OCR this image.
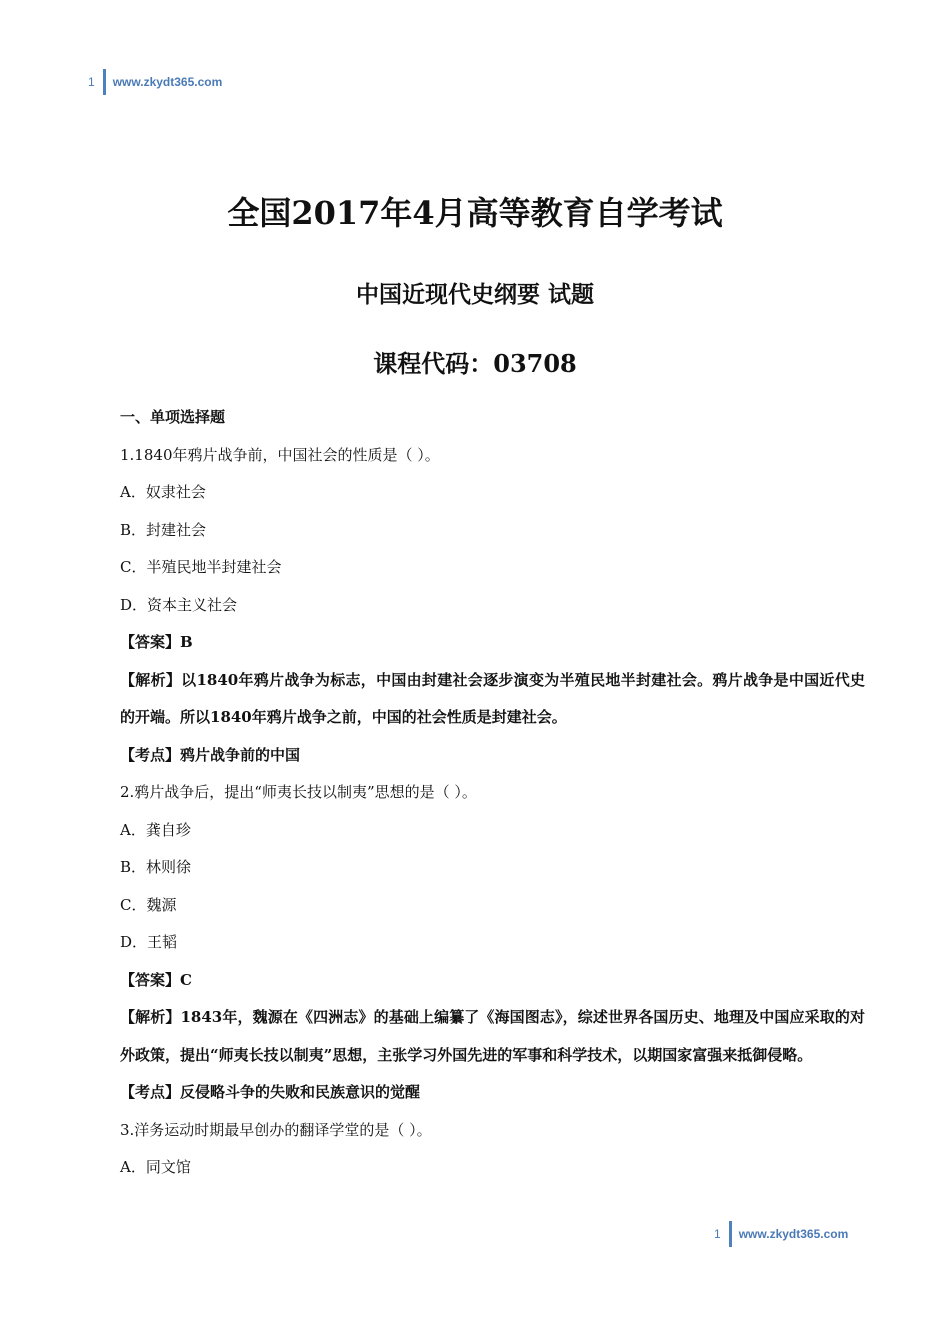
1 www.zkydt365.com
全国2017年4月高等教育自学考试
中国近现代史纲要 试题
课程代码：03708
一、单项选择题
1.1840年鸦片战争前，中国社会的性质是（ ）。
A．奴隶社会
B．封建社会
C．半殖民地半封建社会
D．资本主义社会
【答案】B
【解析】以1840年鸦片战争为标志，中国由封建社会逐步演变为半殖民地半封建社会。鸦片战争是中国近代史的开端。所以1840年鸦片战争之前，中国的社会性质是封建社会。
【考点】鸦片战争前的中国
2.鸦片战争后，提出“师夷长技以制夷”思想的是（ ）。
A．龚自珍
B．林则徐
C．魏源
D．王韬
【答案】C
【解析】1843年，魏源在《四洲志》的基础上编纂了《海国图志》，综述世界各国历史、地理及中国应采取的对外政策，提出“师夷长技以制夷”思想，主张学习外国先进的军事和科学技术，以期国家富强来抵御侵略。
【考点】反侵略斗争的失败和民族意识的觉醒
3.洋务运动时期最早创办的翻译学堂的是（ ）。
A．同文馆
1 www.zkydt365.com
